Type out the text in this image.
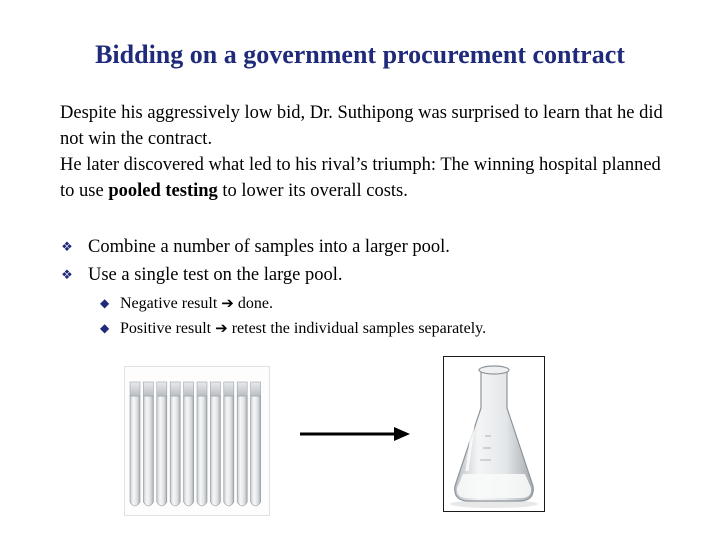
Bidding on a government procurement contract
Despite his aggressively low bid, Dr. Suthipong was surprised to learn that he did not win the contract.
He later discovered what led to his rival’s triumph: The winning hospital planned to use pooled testing to lower its overall costs.
❖ Combine a number of samples into a larger pool.
❖ Use a single test on the large pool.
◆ Negative result ➔ done.
◆ Positive result ➔ retest the individual samples separately.
